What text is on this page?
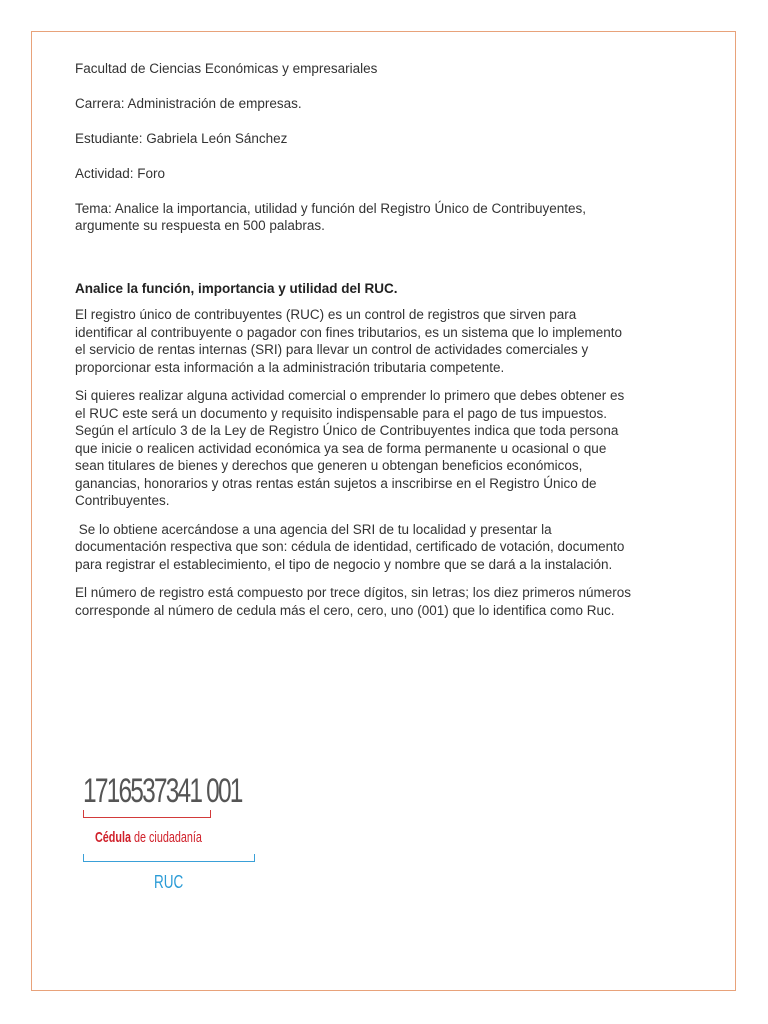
Facultad de Ciencias Económicas y empresariales

Carrera: Administración de empresas.

Estudiante: Gabriela León Sánchez

Actividad: Foro

Tema: Analice la importancia, utilidad y función del Registro Único de Contribuyentes, argumente su respuesta en 500 palabras.

Analice la función, importancia y utilidad del RUC.

El registro único de contribuyentes (RUC) es un control de registros que sirven para identificar al contribuyente o pagador con fines tributarios, es un sistema que lo implemento el servicio de rentas internas (SRI) para llevar un control de actividades comerciales y proporcionar esta información a la administración tributaria competente.

Si quieres realizar alguna actividad comercial o emprender lo primero que debes obtener es el RUC este será un documento y requisito indispensable para el pago de tus impuestos. Según el artículo 3 de la Ley de Registro Único de Contribuyentes indica que toda persona que inicie o realicen actividad económica ya sea de forma permanente u ocasional o que sean titulares de bienes y derechos que generen u obtengan beneficios económicos, ganancias, honorarios y otras rentas están sujetos a inscribirse en el Registro Único de Contribuyentes.

Se lo obtiene acercándose a una agencia del SRI de tu localidad y presentar la documentación respectiva que son: cédula de identidad, certificado de votación, documento para registrar el establecimiento, el tipo de negocio y nombre que se dará a la instalación.

El número de registro está compuesto por trece dígitos, sin letras; los diez primeros números corresponde al número de cedula más el cero, cero, uno (001) que lo identifica como Ruc.

1716537341 001
Cédula de ciudadanía
RUC
